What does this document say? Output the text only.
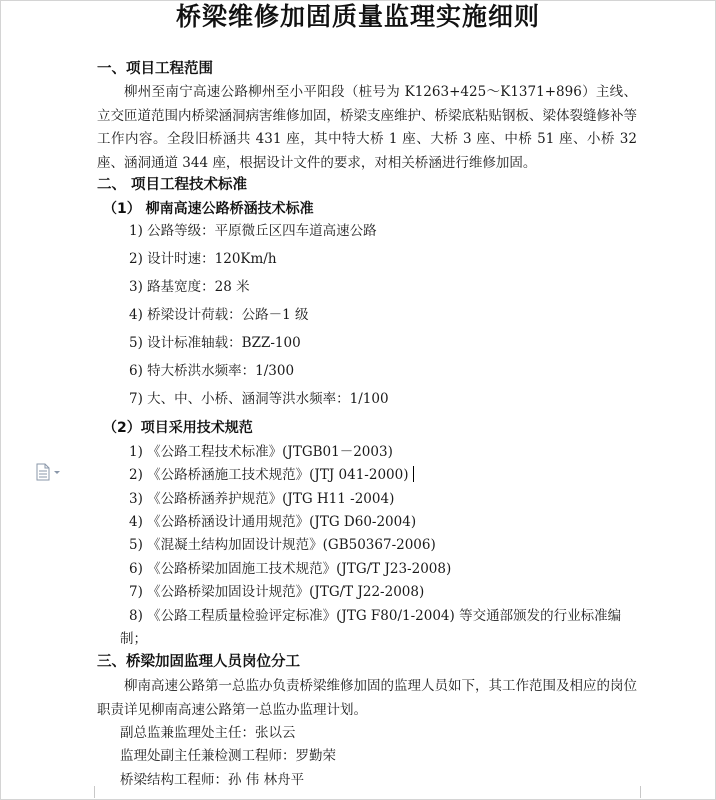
桥梁维修加固质量监理实施细则
一、项目工程范围
柳州至南宁高速公路柳州至小平阳段（桩号为 K1263+425～K1371+896）主线、立交匝道范围内桥梁涵洞病害维修加固，桥梁支座维护、桥梁底粘贴钢板、梁体裂缝修补等工作内容。全段旧桥涵共 431 座，其中特大桥 1 座、大桥 3 座、中桥 51 座、小桥 32 座、涵洞通道 344 座，根据设计文件的要求，对相关桥涵进行维修加固。
二、 项目工程技术标准
（1） 柳南高速公路桥涵技术标准
1) 公路等级：平原微丘区四车道高速公路
2) 设计时速：120Km/h
3) 路基宽度：28 米
4) 桥梁设计荷载：公路－1 级
5) 设计标准轴载：BZZ-100
6) 特大桥洪水频率：1/300
7) 大、中、小桥、涵洞等洪水频率：1/100
（2）项目采用技术规范
1) 《公路工程技术标准》(JTGB01－2003)
2) 《公路桥涵施工技术规范》(JTJ 041-2000)
3) 《公路桥涵养护规范》(JTG H11 -2004)
4) 《公路桥涵设计通用规范》(JTG D60-2004)
5) 《混凝土结构加固设计规范》(GB50367-2006)
6) 《公路桥梁加固施工技术规范》(JTG/T J23-2008)
7) 《公路桥梁加固设计规范》(JTG/T J22-2008)
8) 《公路工程质量检验评定标准》(JTG F80/1-2004) 等交通部颁发的行业标准编
制；
三、桥梁加固监理人员岗位分工
柳南高速公路第一总监办负责桥梁维修加固的监理人员如下，其工作范围及相应的岗位职责详见柳南高速公路第一总监办监理计划。
副总监兼监理处主任：张以云
监理处副主任兼检测工程师：罗勤荣
桥梁结构工程师：孙 伟 林舟平
